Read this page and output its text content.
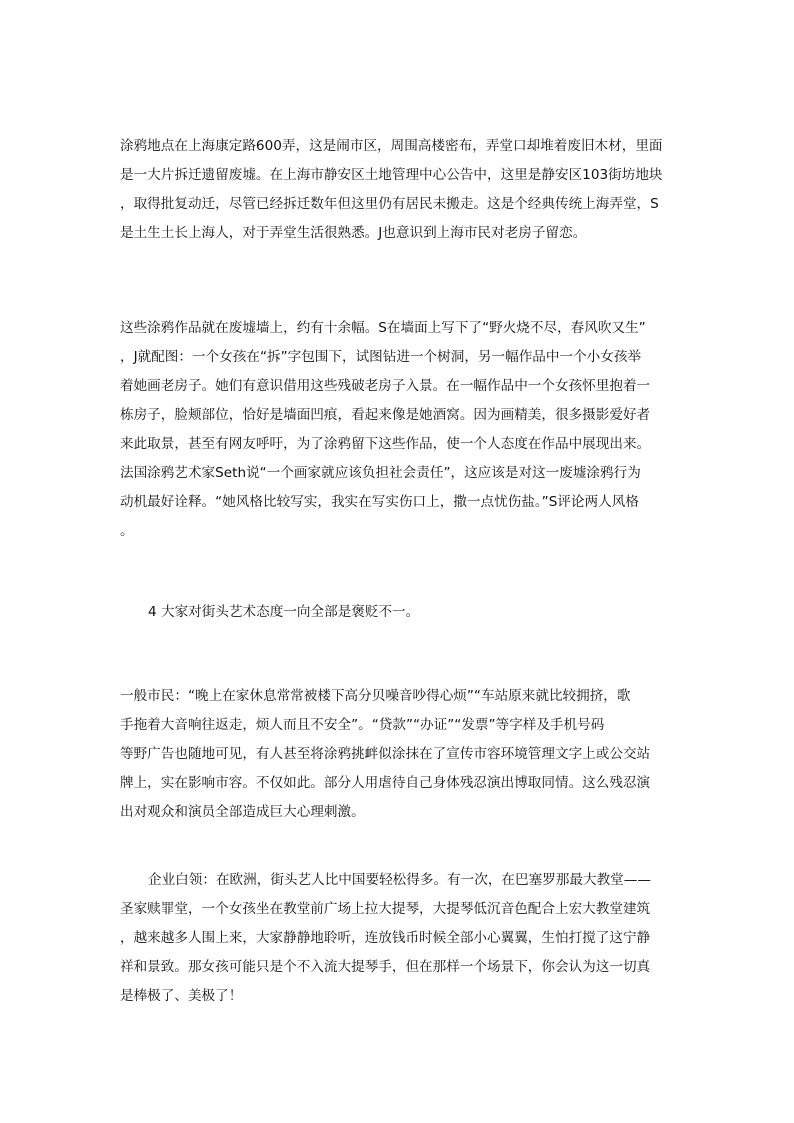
涂鸦地点在上海康定路600弄，这是闹市区，周围高楼密布，弄堂口却堆着废旧木材，里面
是一大片拆迁遗留废墟。在上海市静安区土地管理中心公告中，这里是静安区103街坊地块
，取得批复动迁，尽管已经拆迁数年但这里仍有居民未搬走。这是个经典传统上海弄堂，S
是土生土长上海人，对于弄堂生活很熟悉。J也意识到上海市民对老房子留恋。
这些涂鸦作品就在废墟墙上，约有十余幅。S在墙面上写下了“野火烧不尽，春风吹又生”
，J就配图：一个女孩在“拆”字包围下，试图钻进一个树洞，另一幅作品中一个小女孩举
着她画老房子。她们有意识借用这些残破老房子入景。在一幅作品中一个女孩怀里抱着一
栋房子，脸颊部位，恰好是墙面凹痕，看起来像是她酒窝。因为画精美，很多摄影爱好者
来此取景，甚至有网友呼吁，为了涂鸦留下这些作品，使一个人态度在作品中展现出来。
法国涂鸦艺术家Seth说“一个画家就应该负担社会责任”，这应该是对这一废墟涂鸦行为
动机最好诠释。“她风格比较写实，我实在写实伤口上，撒一点忧伤盐。”S评论两人风格
。
4 大家对街头艺术态度一向全部是褒贬不一。
一般市民：“晚上在家休息常常被楼下高分贝噪音吵得心烦”“车站原来就比较拥挤，歌
手拖着大音响往返走，烦人而且不安全”。“贷款”“办证”“发票”等字样及手机号码
等野广告也随地可见，有人甚至将涂鸦挑衅似涂抹在了宣传市容环境管理文字上或公交站
牌上，实在影响市容。不仅如此。部分人用虐待自己身体残忍演出博取同情。这么残忍演
出对观众和演员全部造成巨大心理刺激。
企业白领：在欧洲，街头艺人比中国要轻松得多。有一次，在巴塞罗那最大教堂——
圣家赎罪堂，一个女孩坐在教堂前广场上拉大提琴，大提琴低沉音色配合上宏大教堂建筑
，越来越多人围上来，大家静静地聆听，连放钱币时候全部小心翼翼，生怕打搅了这宁静
祥和景致。那女孩可能只是个不入流大提琴手，但在那样一个场景下，你会认为这一切真
是棒极了、美极了！
